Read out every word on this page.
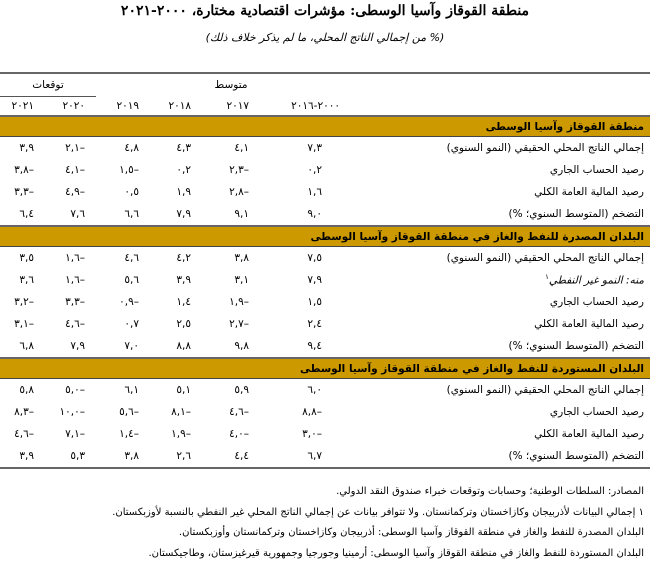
منطقة القوقاز وآسيا الوسطى: مؤشرات اقتصادية مختارة، ٢٠٠٠-٢٠٢١
(% من إجمالي الناتج المحلي، ما لم يذكر خلاف ذلك)

توقعات		متوسط				
٢٠٢١	٢٠٢٠	٢٠١٩	٢٠١٨	٢٠١٧	٢٠٠٠-٢٠١٦	
منطقة القوقاز وآسيا الوسطى						
٣,٩	٢,١–	٤,٨	٤,٣	٤,١	٧,٣	إجمالي الناتج المحلي الحقيقي (النمو السنوي)
٣,٨–	٤,١–	١,٥–	٠,٢	٢,٣–	٠,٢	رصيد الحساب الجاري
٣,٣–	٤,٩–	٠,٥	١,٩	٢,٨–	١,٦	رصيد المالية العامة الكلي
٦,٤	٧,٦	٦,٦	٧,٩	٩,١	٩,٠	التضخم (المتوسط السنوي؛ %)
البلدان المصدرة للنفط والغاز في منطقة القوقاز وآسيا الوسطى						
٣,٥	١,٦–	٤,٦	٤,٢	٣,٨	٧,٥	إجمالي الناتج المحلي الحقيقي (النمو السنوي)
٣,٦	١,٦–	٥,٦	٣,٩	٣,١	٧,٩	منه: النمو غير النفطي$^١$
٣,٢–	٣,٣–	٠,٩–	١,٤	١,٩–	١,٥	رصيد الحساب الجاري
٣,١–	٤,٦–	٠,٧	٢,٥	٢,٧–	٢,٤	رصيد المالية العامة الكلي
٦,٨	٧,٩	٧,٠	٨,٨	٩,٨	٩,٤	التضخم (المتوسط السنوي؛ %)
البلدان المستوردة للنفط والغاز في منطقة القوقاز وآسيا الوسطى						
٥,٨	٥,٠–	٦,١	٥,١	٥,٩	٦,٠	إجمالي الناتج المحلي الحقيقي (النمو السنوي)
٨,٣–	١٠,٠–	٥,٦–	٨,١–	٤,٦–	٨,٨–	رصيد الحساب الجاري
٤,٦–	٧,١–	١,٤–	١,٩–	٤,٠–	٣,٠–	رصيد المالية العامة الكلي
٣,٩	٥,٣	٣,٨	٢,٦	٤,٤	٦,٧	التضخم (المتوسط السنوي؛ %)
المصادر: السلطات الوطنية؛ وحسابات وتوقعات خبراء صندوق النقد الدولي.
١ إجمالي البيانات لأذربيجان وكازاخستان وتركمانستان. ولا تتوافر بيانات عن إجمالي الناتج المحلي غير النفطي بالنسبة لأوزبكستان.
البلدان المصدرة للنفط والغاز في منطقة القوقاز وآسيا الوسطى: أذربيجان وكازاخستان وتركمانستان وأوزبكستان.
البلدان المستوردة للنفط والغاز في منطقة القوقاز وآسيا الوسطى: أرمينيا وجورجيا وجمهورية قيرغيزستان، وطاجيكستان.
